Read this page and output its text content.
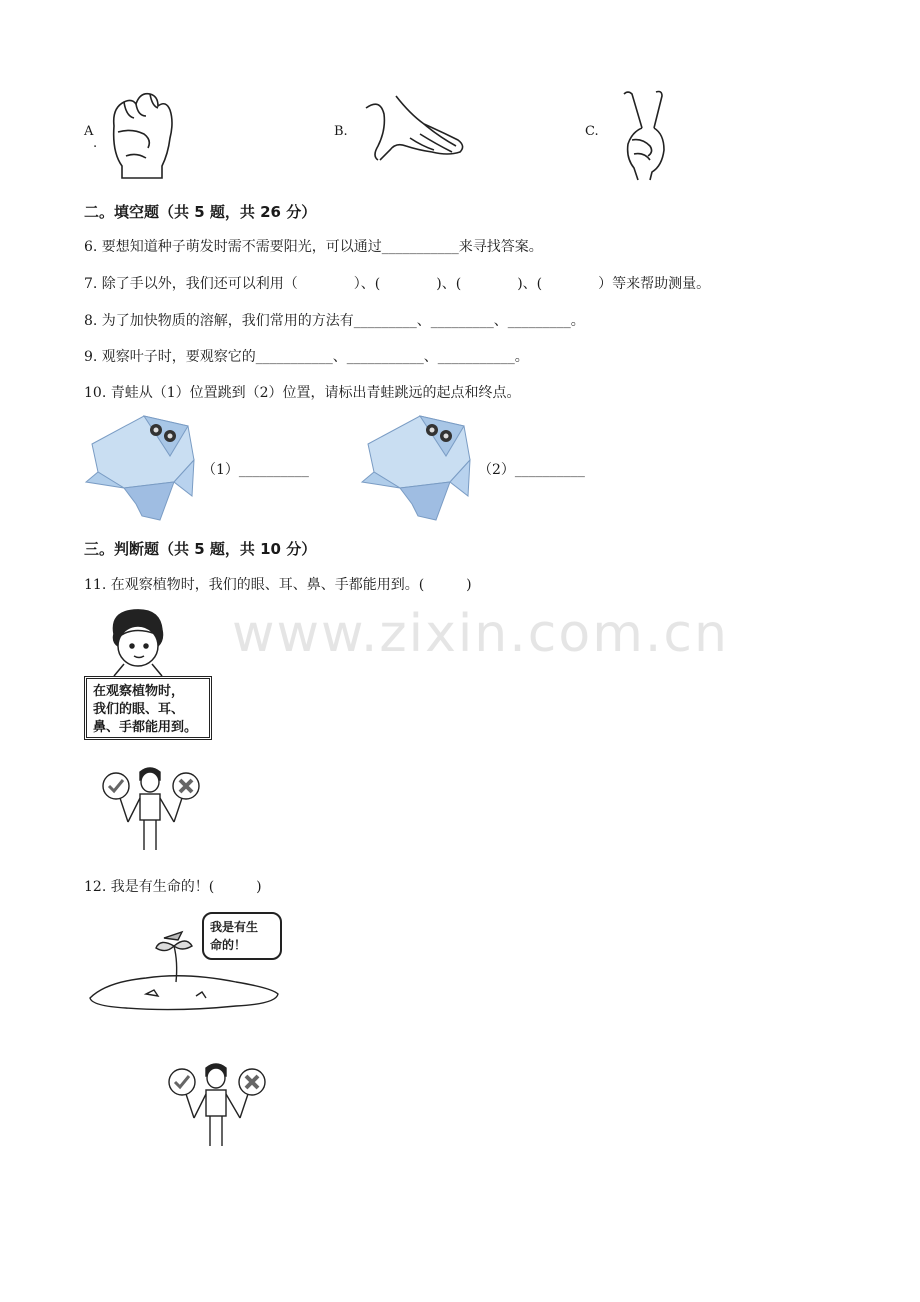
A
.
B.	C.
二。填空题（共 5 题，共 26 分）
6. 要想知道种子萌发时需不需要阳光，可以通过___________来寻找答案。
7. 除了手以外，我们还可以利用（　　　　）、(　　　　)、(　　　　)、(　　　　）等来帮助测量。
8. 为了加快物质的溶解，我们常用的方法有_________、_________、_________。
9. 观察叶子时，要观察它的___________、___________、___________。
10. 青蛙从（1）位置跳到（2）位置，请标出青蛙跳远的起点和终点。
（1）__________	（2）__________
三。判断题（共 5 题，共 10 分）
11. 在观察植物时，我们的眼、耳、鼻、手都能用到。(　　　)
在观察植物时，
我们的眼、耳、
鼻、手都能用到。
12. 我是有生命的！(　　　)
我是有生
命的！
www.zixin.com.cn
